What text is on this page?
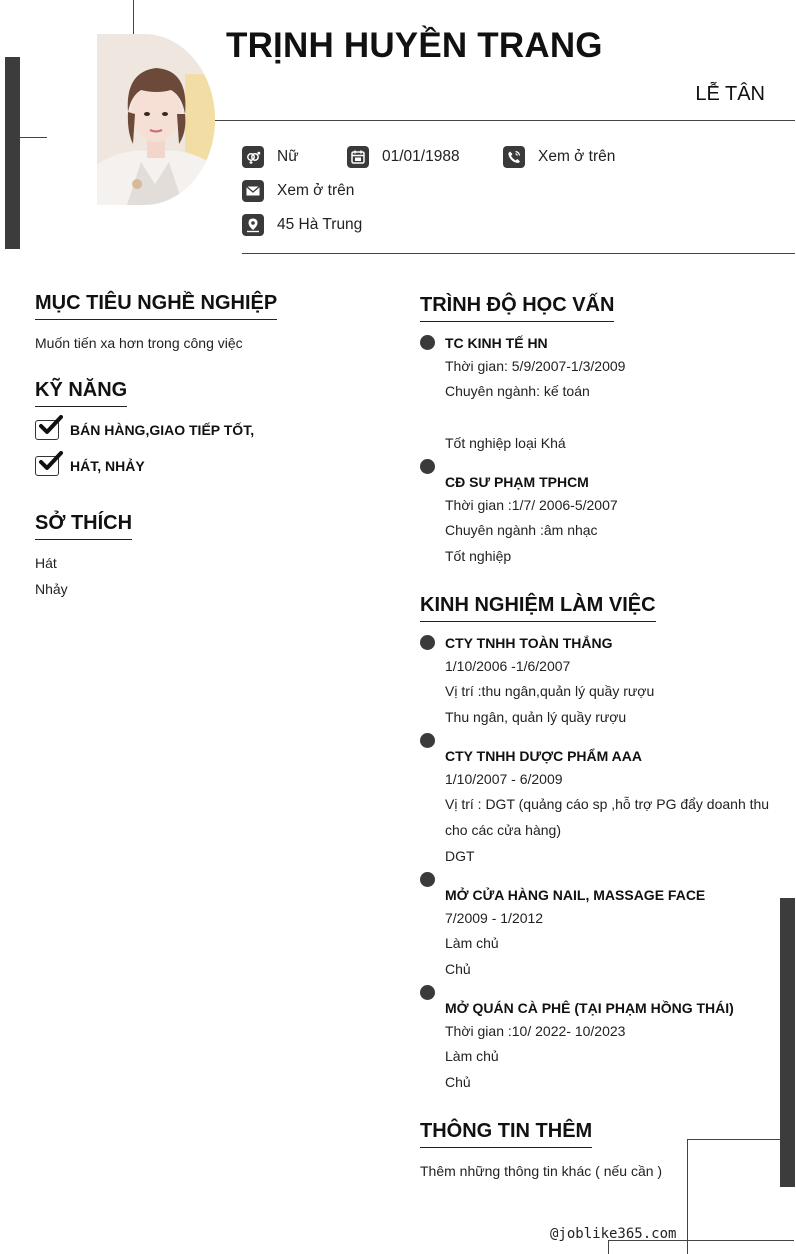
TRỊNH HUYỀN TRANG
LỄ TÂN
Nữ	01/01/1988	Xem ở trên
Xem ở trên
45 Hà Trung
MỤC TIÊU NGHỀ NGHIỆP
Muốn tiến xa hơn trong công việc
KỸ NĂNG
BÁN HÀNG,GIAO TIẾP TỐT,
HÁT, NHẢY
SỞ THÍCH
Hát
Nhảy
TRÌNH ĐỘ HỌC VẤN
TC KINH TẾ HN
Thời gian: 5/9/2007-1/3/2009
Chuyên ngành: kế toán
Tốt nghiệp loại Khá
CĐ SƯ PHẠM TPHCM
Thời gian :1/7/ 2006-5/2007
Chuyên ngành :âm nhạc
Tốt nghiệp
KINH NGHIỆM LÀM VIỆC
CTY TNHH TOÀN THẮNG
1/10/2006 -1/6/2007
Vị trí :thu ngân,quản lý quầy rượu
Thu ngân, quản lý quầy rượu
CTY TNHH DƯỢC PHẨM AAA
1/10/2007 - 6/2009
Vị trí : DGT (quảng cáo sp ,hỗ trợ PG đẩy doanh thu
cho các cửa hàng)
DGT
MỞ CỬA HÀNG NAIL, MASSAGE FACE
7/2009 - 1/2012
Làm chủ
Chủ
MỞ QUÁN CÀ PHÊ (TẠI PHẠM HỒNG THÁI)
Thời gian :10/ 2022- 10/2023
Làm chủ
Chủ
THÔNG TIN THÊM
Thêm những thông tin khác ( nếu cần )
@joblike365.com
